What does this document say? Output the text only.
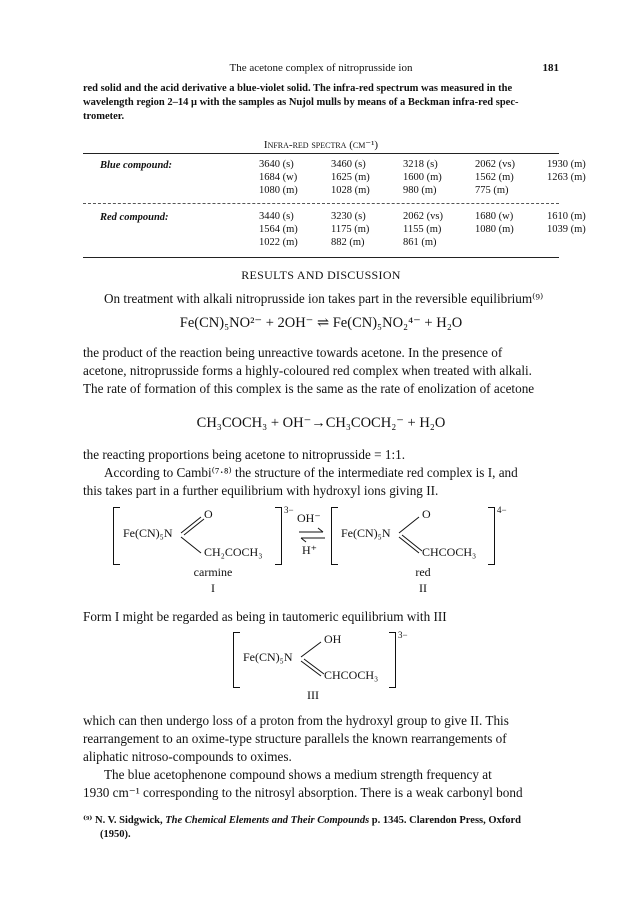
The acetone complex of nitroprusside ion	181
red solid and the acid derivative a blue-violet solid. The infra-red spectrum was measured in the
wavelength region 2–14 μ with the samples as Nujol mulls by means of a Beckman infra-red spec-
trometer.
Infra-red spectra (cm⁻¹)
Blue compound:	3640 (s)	3460 (s)	3218 (s)	2062 (vs)	1930 (m)
1684 (w)	1625 (m)	1600 (m)	1562 (m)	1263 (m)
1080 (m)	1028 (m)	980 (m)	775 (m)	
Red compound:	3440 (s)	3230 (s)	2062 (vs)	1680 (w)	1610 (m)
1564 (m)	1175 (m)	1155 (m)	1080 (m)	1039 (m)
1022 (m)	882 (m)	861 (m)		
RESULTS AND DISCUSSION
On treatment with alkali nitroprusside ion takes part in the reversible equilibrium⁽⁹⁾
Fe(CN)₅NO²⁻ + 2OH⁻ ⇌ Fe(CN)₅NO₂⁴⁻ + H₂O
the product of the reaction being unreactive towards acetone. In the presence of
acetone, nitroprusside forms a highly-coloured red complex when treated with alkali.
The rate of formation of this complex is the same as the rate of enolization of acetone
CH₃COCH₃ + OH⁻→CH₃COCH₂⁻ + H₂O
the reacting proportions being acetone to nitroprusside = 1:1.
According to Cambi⁽⁷·⁸⁾ the structure of the intermediate red complex is I, and
this takes part in a further equilibrium with hydroxyl ions giving II.
Fe(CN)₅N
O
CH₂COCH₃
3−
OH⁻
H⁺
Fe(CN)₅N
O
CHCOCH₃
4−
carmine
I
red
II
Form I might be regarded as being in tautomeric equilibrium with III
Fe(CN)₅N
OH
CHCOCH₃
3−
III
which can then undergo loss of a proton from the hydroxyl group to give II. This
rearrangement to an oxime-type structure parallels the known rearrangements of
aliphatic nitroso-compounds to oximes.
The blue acetophenone compound shows a medium strength frequency at
1930 cm⁻¹ corresponding to the nitrosyl absorption. There is a weak carbonyl bond
⁽⁹⁾ N. V. Sidgwick, The Chemical Elements and Their Compounds p. 1345. Clarendon Press, Oxford
(1950).
